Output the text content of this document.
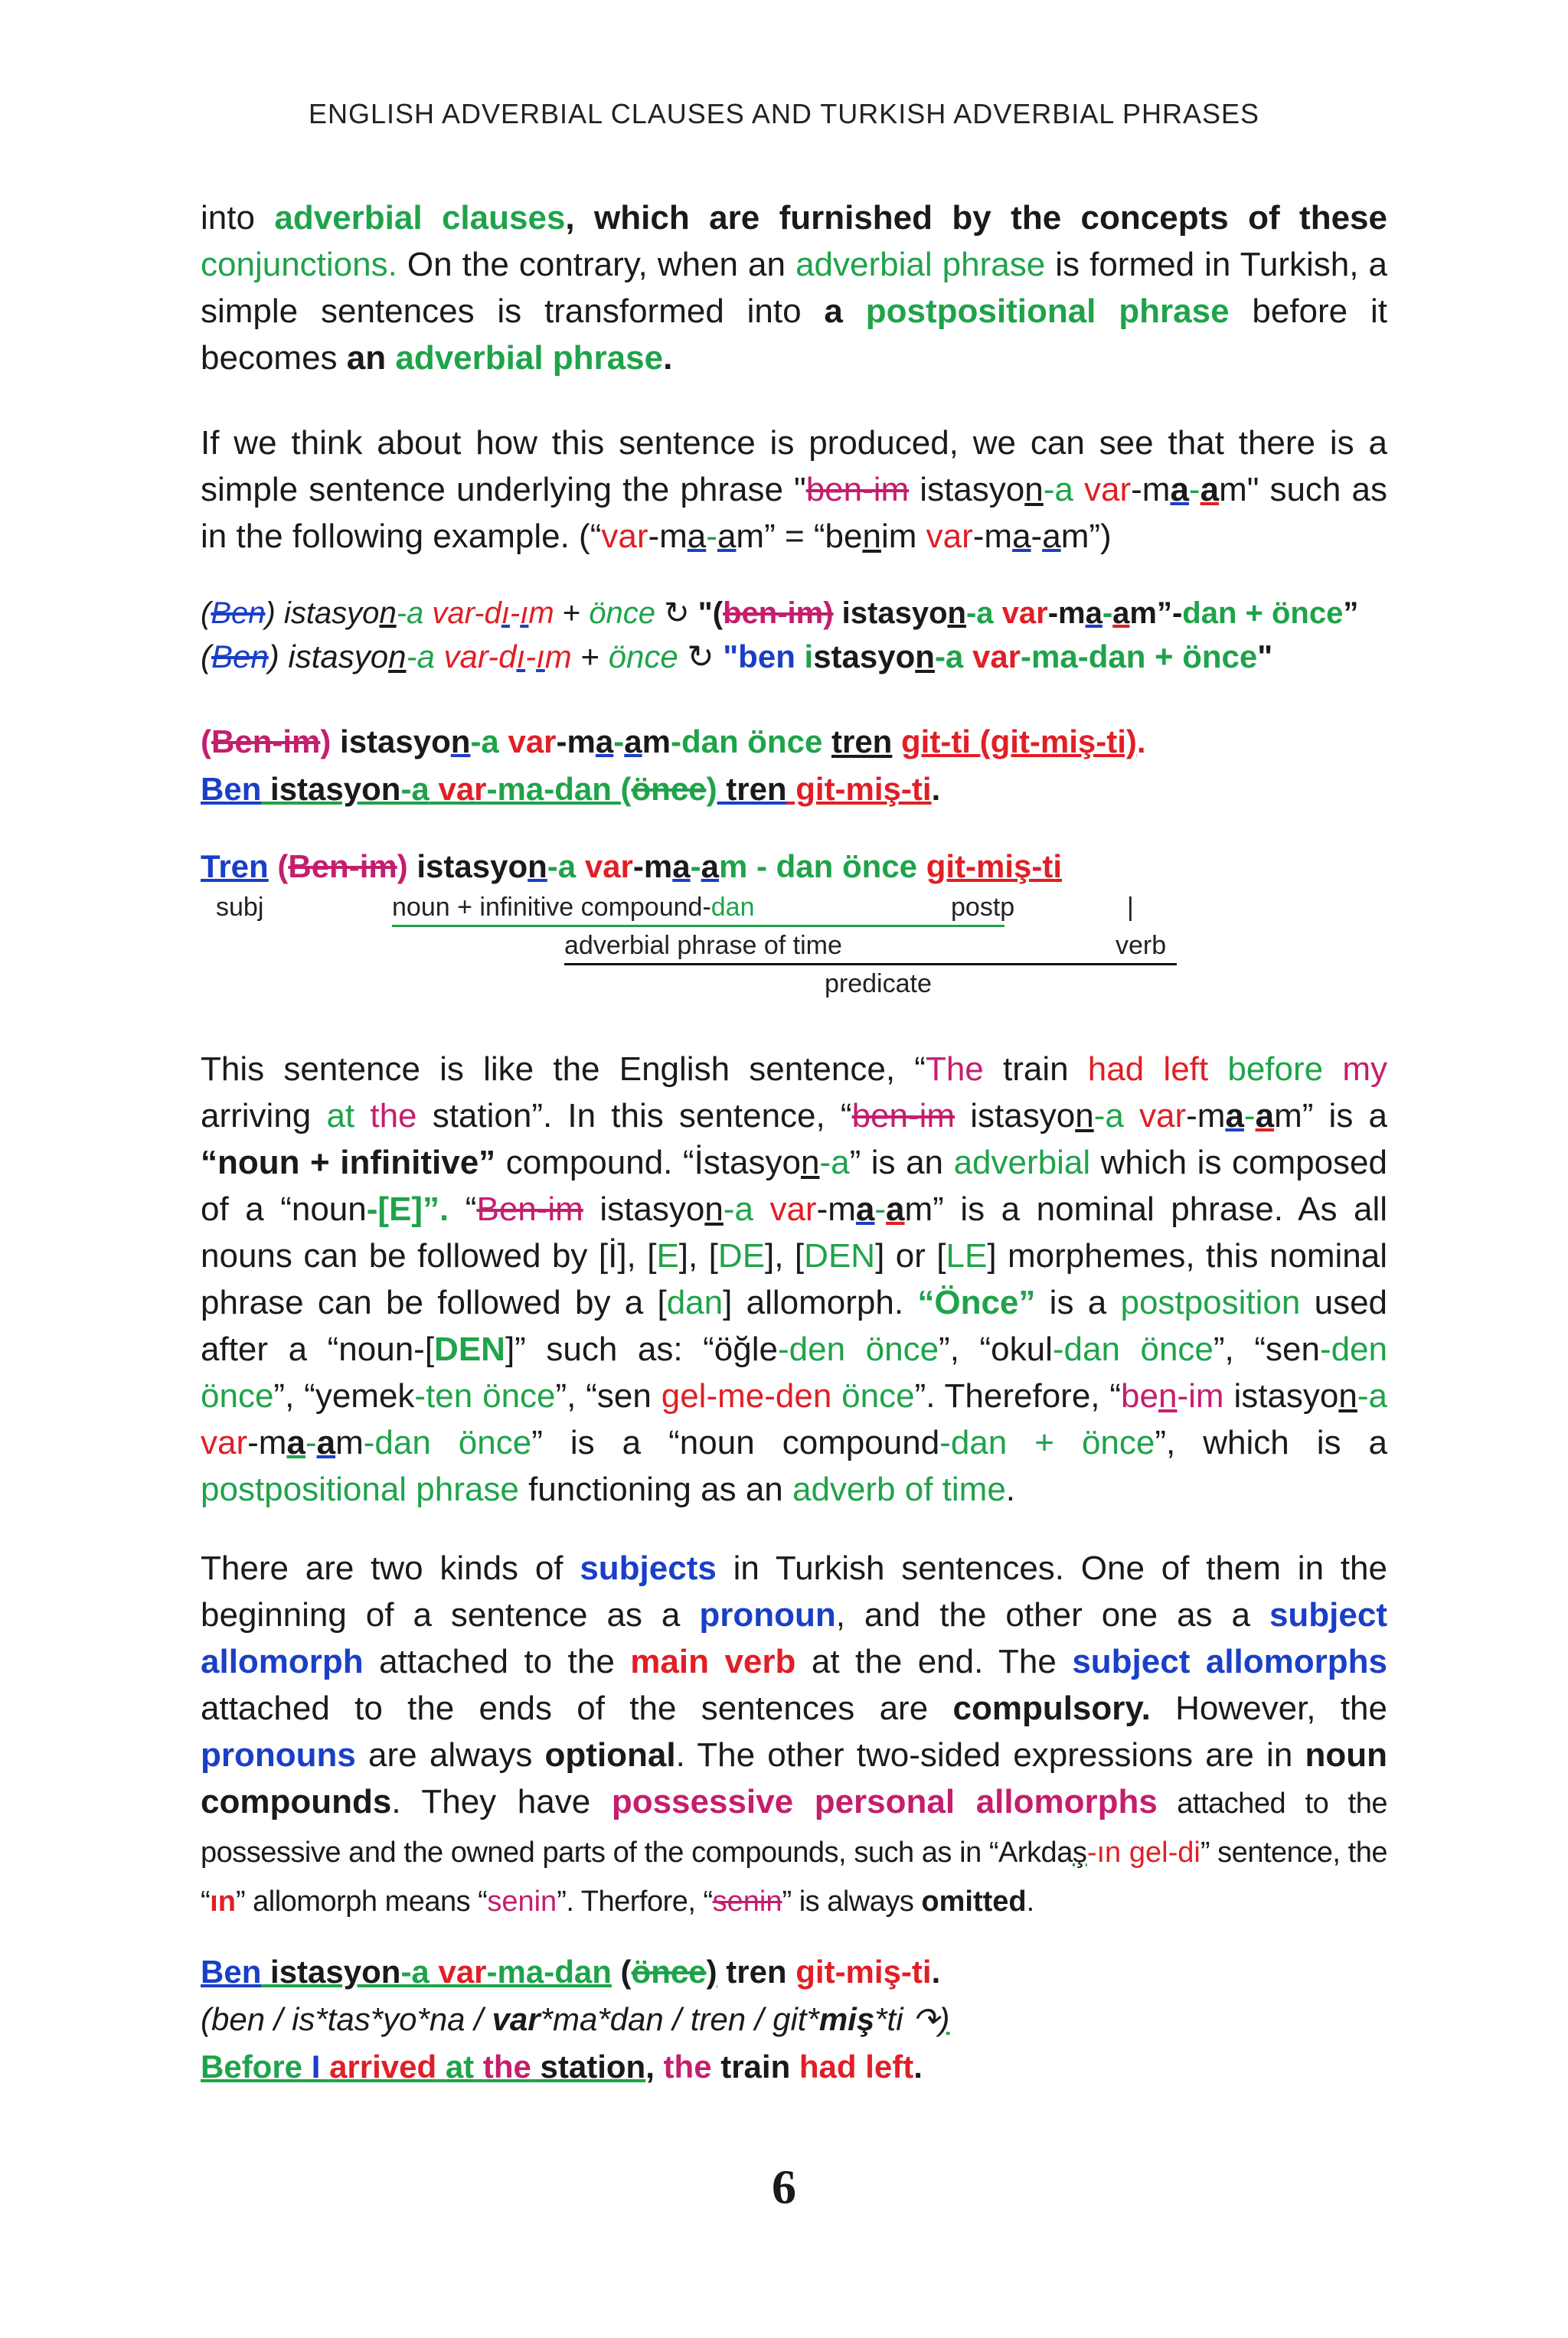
ENGLISH ADVERBIAL CLAUSES AND TURKISH ADVERBIAL PHRASES
into adverbial clauses, which are furnished by the concepts of these conjunctions. On the contrary, when an adverbial phrase is formed in Turkish, a simple sentences is transformed into a postpositional phrase before it becomes an adverbial phrase.
If we think about how this sentence is produced, we can see that there is a simple sentence underlying the phrase "ben-im istasyon-a var-ma-am" such as in the following example. (“var-ma-am” = “benim var-ma-am”)
(Ben) istasyon-a var-dı-ım + önce ↻ "(ben-im) istasyon-a var-ma-am”-dan + önce”
(Ben) istasyon-a var-dı-ım + önce ↻ "ben istasyon-a var-ma-dan + önce"
(Ben-im) istasyon-a var-ma-am-dan önce tren git-ti (git-miş-ti).
Ben istasyon-a var-ma-dan (önce) tren git-miş-ti.
Tren (Ben-im) istasyon-a var-ma-am - dan önce git-miş-ti
subj	noun + infinitive compound-dan	postp	|
adverbial phrase of time	verb
predicate
This sentence is like the English sentence, “The train had left before my arriving at the station”. In this sentence, “ben-im istasyon-a var-ma-am” is a “noun + infinitive” compound. “İstasyon-a” is an adverbial which is composed of a “noun-[E]”. “Ben-im istasyon-a var-ma-am” is a nominal phrase. As all nouns can be followed by [İ], [E], [DE], [DEN] or [LE] morphemes, this nominal phrase can be followed by a [dan] allomorph. “Önce” is a postposition used after a “noun-[DEN]” such as: “öğle-den önce”, “okul-dan önce”, “sen-den önce”, “yemek-ten önce”, “sen gel-me-den önce”. Therefore, “ben-im istasyon-a var-ma-am-dan önce” is a “noun compound-dan + önce”, which is a postpositional phrase functioning as an adverb of time.
There are two kinds of subjects in Turkish sentences. One of them in the beginning of a sentence as a pronoun, and the other one as a subject allomorph attached to the main verb at the end. The subject allomorphs attached to the ends of the sentences are compulsory. However, the pronouns are always optional. The other two-sided expressions are in noun compounds. They have possessive personal allomorphs attached to the possessive and the owned parts of the compounds, such as in “Arkdaş-ın gel-di” sentence, the “ın” allomorph means “senin”. Therfore, “senin” is always omitted.
Ben istasyon-a var-ma-dan (önce) tren git-miş-ti.
(ben / is*tas*yo*na / var*ma*dan / tren / git*miş*ti ↷)
Before I arrived at the station, the train had left.
6
